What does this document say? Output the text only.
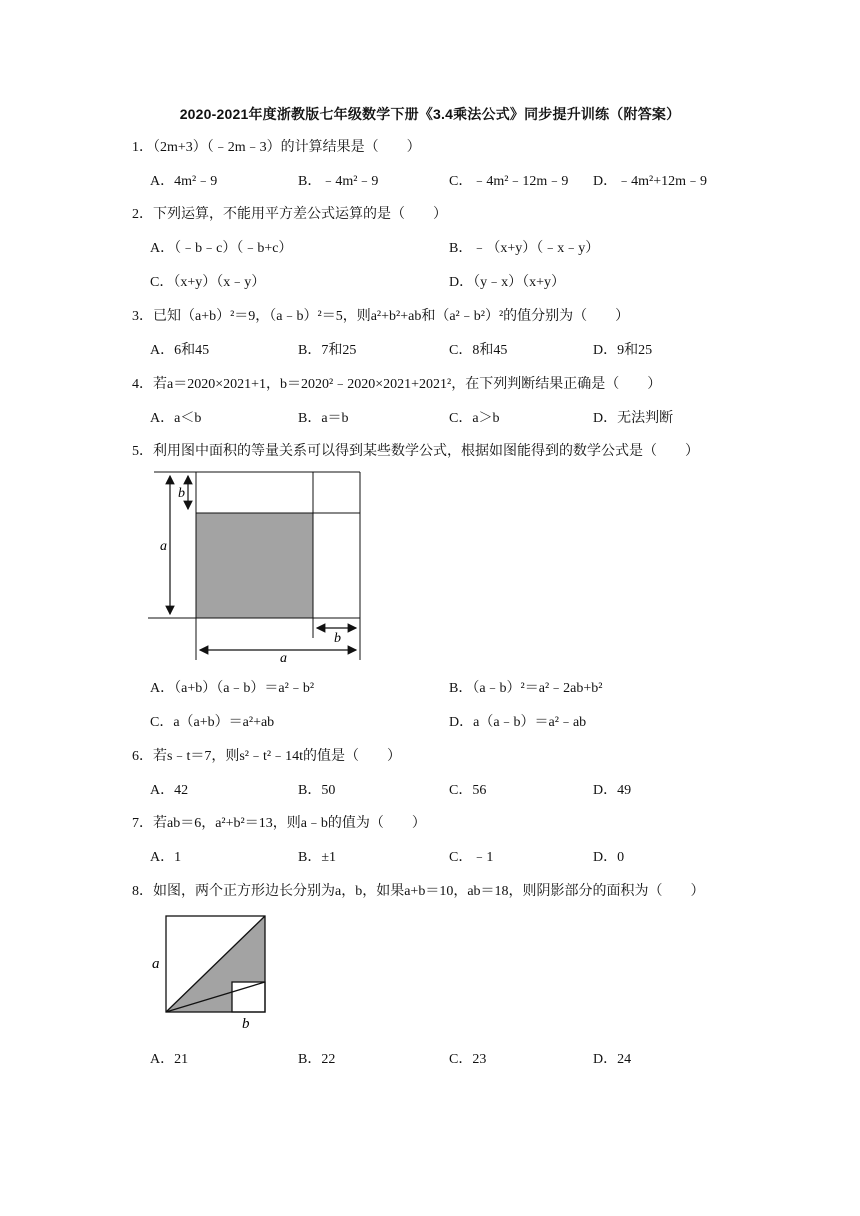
2020-2021年度浙教版七年级数学下册《3.4乘法公式》同步提升训练（附答案）
1．（2m+3）（﹣2m﹣3）的计算结果是（　　）
A．4m²﹣9	B．﹣4m²﹣9	C．﹣4m²﹣12m﹣9 D．﹣4m²+12m﹣9
2．下列运算，不能用平方差公式运算的是（　　）
A．（﹣b﹣c）（﹣b+c）	B．﹣（x+y）（﹣x﹣y）
C．（x+y）（x﹣y）	D．（y﹣x）（x+y）
3．已知（a+b）²＝9，（a﹣b）²＝5，则a²+b²+ab和（a²﹣b²）²的值分别为（　　）
A．6和45	B．7和25	C．8和45	D．9和25
4．若a＝2020×2021+1，b＝2020²﹣2020×2021+2021²，在下列判断结果正确是（　　）
A．a＜b	B．a＝b	C．a＞b	D．无法判断
5．利用图中面积的等量关系可以得到某些数学公式，根据如图能得到的数学公式是（　　）
b
a
b
a
A．（a+b）（a﹣b）＝a²﹣b²	B．（a﹣b）²＝a²﹣2ab+b²
C．a（a+b）＝a²+ab	D．a（a﹣b）＝a²﹣ab
6．若s﹣t＝7，则s²﹣t²﹣14t的值是（　　）
A．42	B．50	C．56	D．49
7．若ab＝6，a²+b²＝13，则a﹣b的值为（　　）
A．1	B．±1	C．﹣1	D．0
8．如图，两个正方形边长分别为a，b，如果a+b＝10，ab＝18，则阴影部分的面积为（　　）
a
b
A．21	B．22	C．23	D．24
